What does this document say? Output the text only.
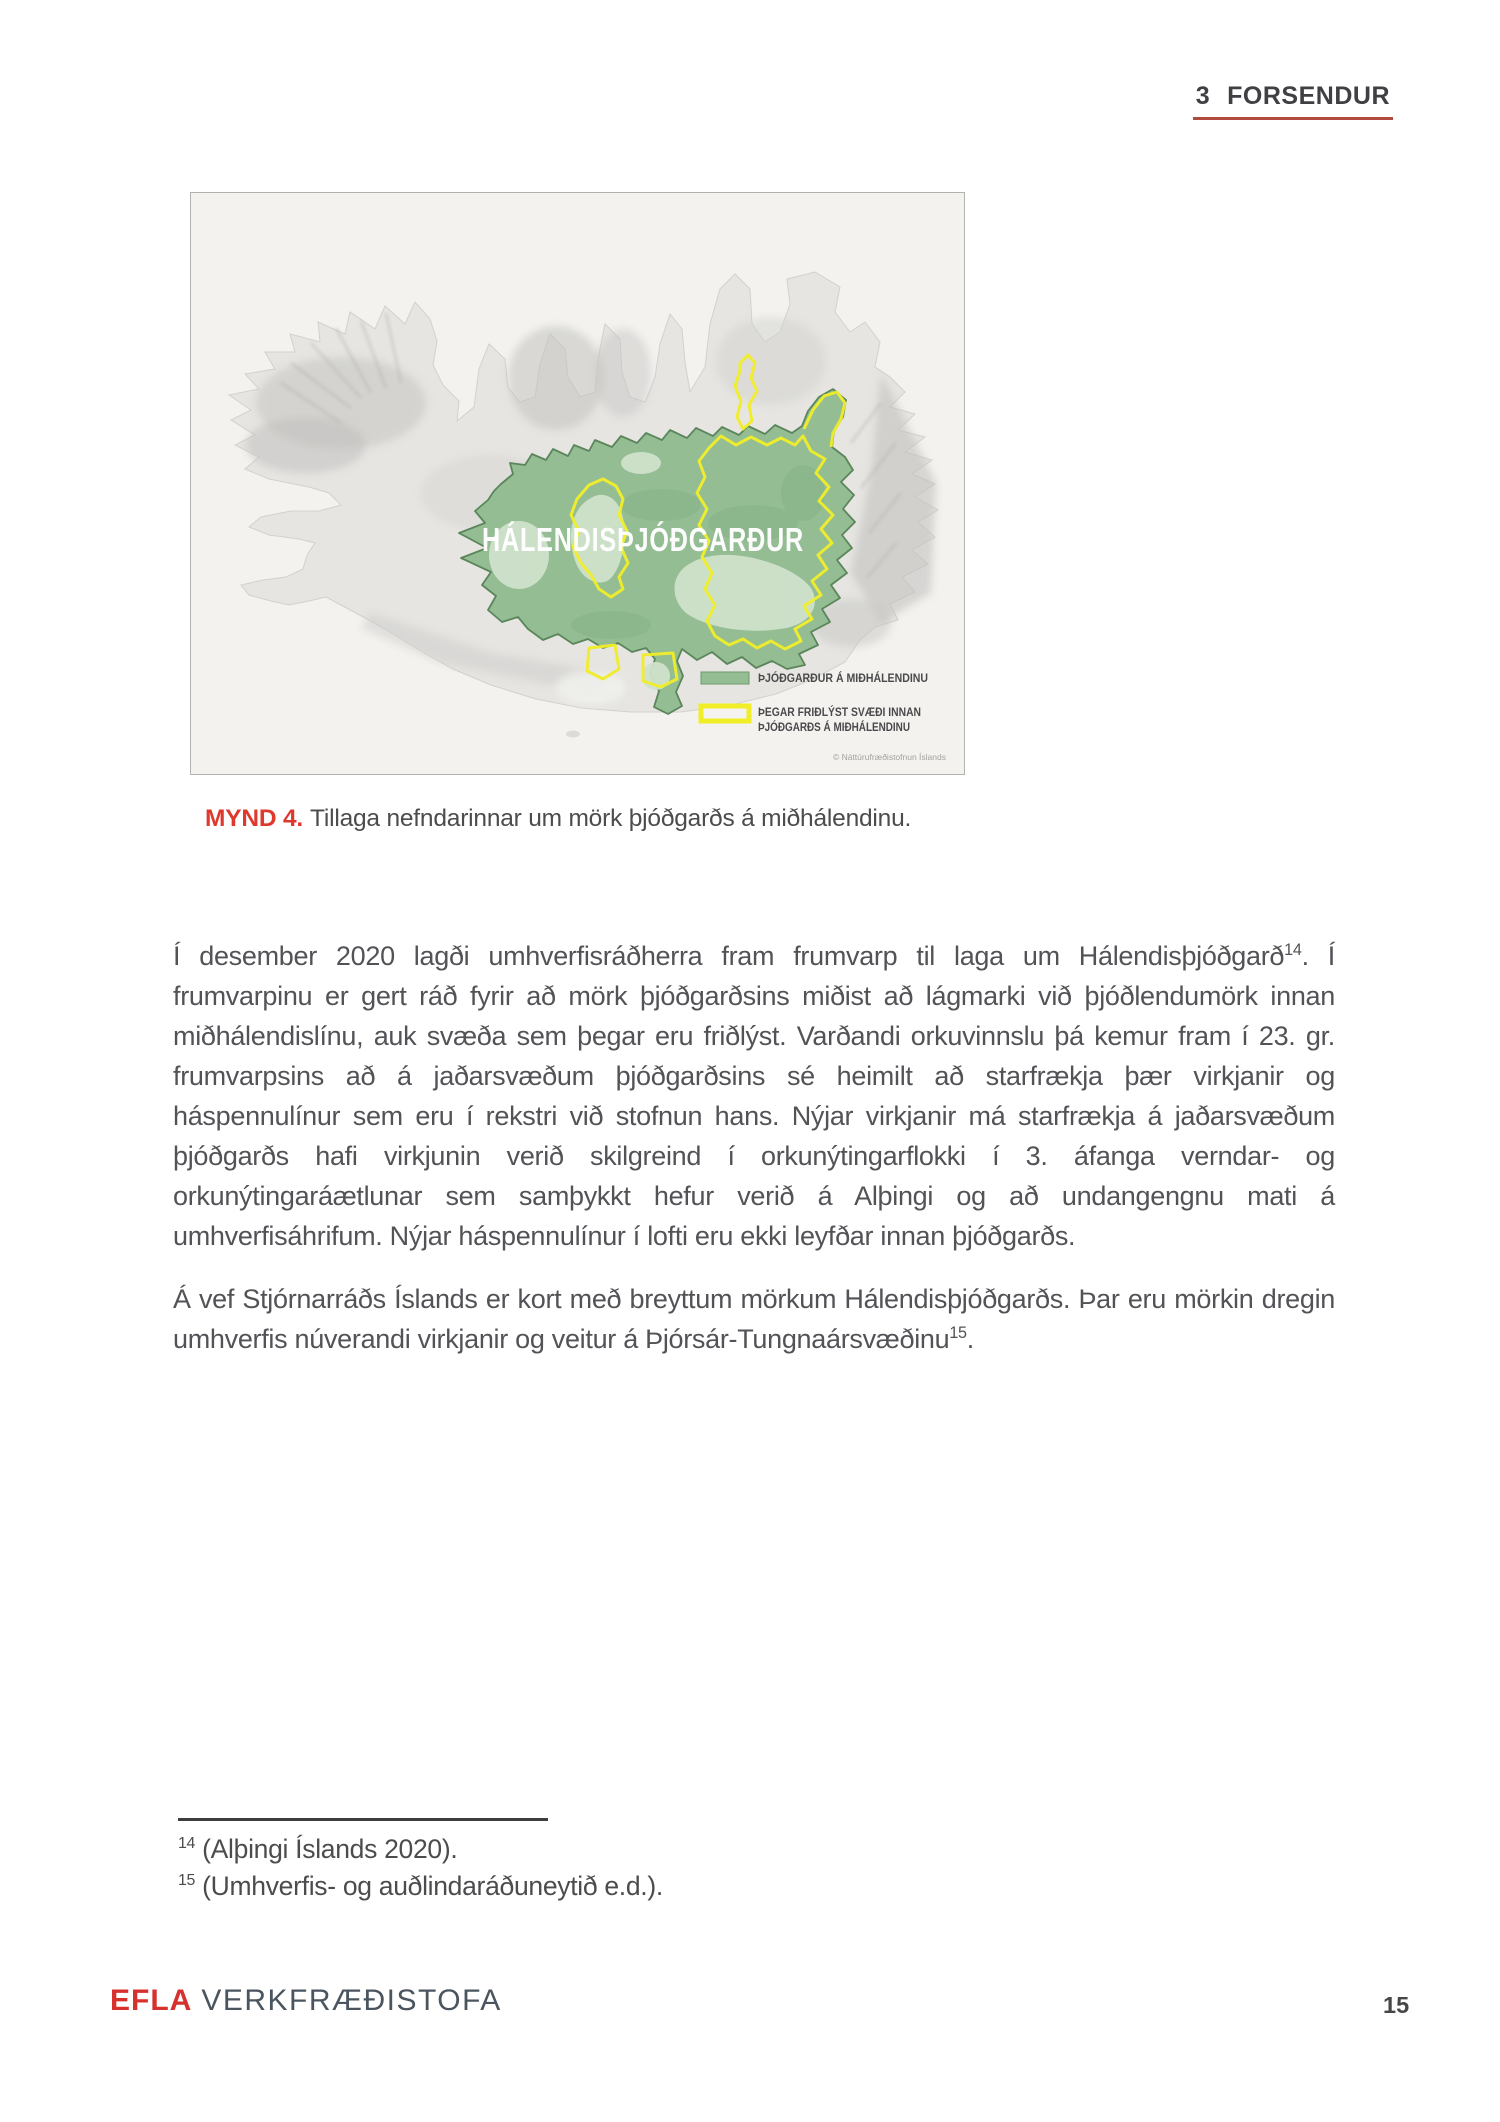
3 FORSENDUR
HÁLENDISÞJÓÐGARÐUR
ÞJÓÐGARÐUR Á MIÐHÁLENDINU
ÞEGAR FRIÐLÝST SVÆÐI INNAN
ÞJÓÐGARÐS Á MIÐHÁLENDINU
© Náttúrufræðistofnun Íslands
MYND 4. Tillaga nefndarinnar um mörk þjóðgarðs á miðhálendinu.

Í desember 2020 lagði umhverfisráðherra fram frumvarp til laga um Hálendisþjóðgarð$^{14}$. Í frumvarpinu er gert ráð fyrir að mörk þjóðgarðsins miðist að lágmarki við þjóðlendumörk innan miðhálendislínu, auk svæða sem þegar eru friðlýst. Varðandi orkuvinnslu þá kemur fram í 23. gr. frumvarpsins að á jaðarsvæðum þjóðgarðsins sé heimilt að starfrækja þær virkjanir og háspennulínur sem eru í rekstri við stofnun hans. Nýjar virkjanir má starfrækja á jaðarsvæðum þjóðgarðs hafi virkjunin verið skilgreind í orkunýtingarflokki í 3. áfanga verndar- og orkunýtingaráætlunar sem samþykkt hefur verið á Alþingi og að undangengnu mati á umhverfisáhrifum. Nýjar háspennulínur í lofti eru ekki leyfðar innan þjóðgarðs.

Á vef Stjórnarráðs Íslands er kort með breyttum mörkum Hálendisþjóðgarðs. Þar eru mörkin dregin umhverfis núverandi virkjanir og veitur á Þjórsár-Tungnaársvæðinu$^{15}$.

$^{14}$ (Alþingi Íslands 2020).
$^{15}$ (Umhverfis- og auðlindaráðuneytið e.d.).
EFLA VERKFRÆÐISTOFA	15
